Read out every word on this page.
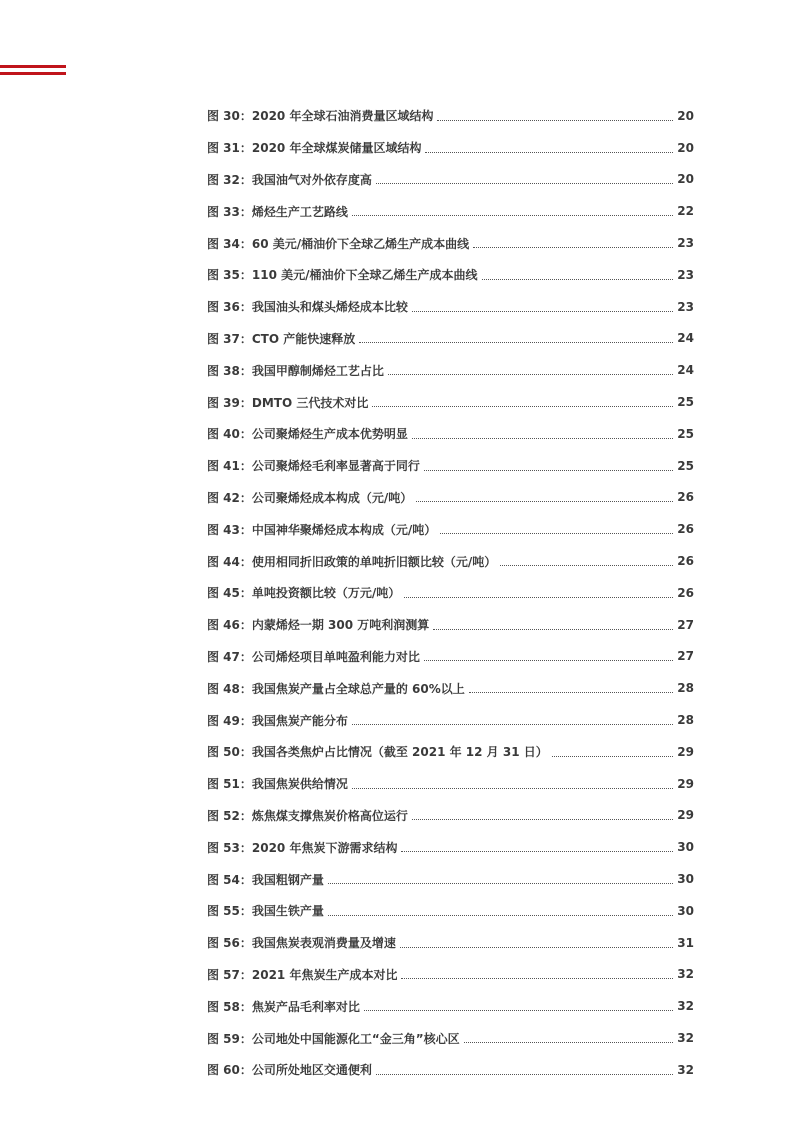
图 30：2020 年全球石油消费量区域结构	20
图 31：2020 年全球煤炭储量区域结构	20
图 32：我国油气对外依存度高	20
图 33：烯烃生产工艺路线	22
图 34：60 美元/桶油价下全球乙烯生产成本曲线	23
图 35：110 美元/桶油价下全球乙烯生产成本曲线	23
图 36：我国油头和煤头烯烃成本比较	23
图 37：CTO 产能快速释放	24
图 38：我国甲醇制烯烃工艺占比	24
图 39：DMTO 三代技术对比	25
图 40：公司聚烯烃生产成本优势明显	25
图 41：公司聚烯烃毛利率显著高于同行	25
图 42：公司聚烯烃成本构成（元/吨）	26
图 43：中国神华聚烯烃成本构成（元/吨）	26
图 44：使用相同折旧政策的单吨折旧额比较（元/吨）	26
图 45：单吨投资额比较（万元/吨）	26
图 46：内蒙烯烃一期 300 万吨利润测算	27
图 47：公司烯烃项目单吨盈利能力对比	27
图 48：我国焦炭产量占全球总产量的 60%以上	28
图 49：我国焦炭产能分布	28
图 50：我国各类焦炉占比情况（截至 2021 年 12 月 31 日）	29
图 51：我国焦炭供给情况	29
图 52：炼焦煤支撑焦炭价格高位运行	29
图 53：2020 年焦炭下游需求结构	30
图 54：我国粗钢产量	30
图 55：我国生铁产量	30
图 56：我国焦炭表观消费量及增速	31
图 57：2021 年焦炭生产成本对比	32
图 58：焦炭产品毛利率对比	32
图 59：公司地处中国能源化工“金三角”核心区	32
图 60：公司所处地区交通便利	32
